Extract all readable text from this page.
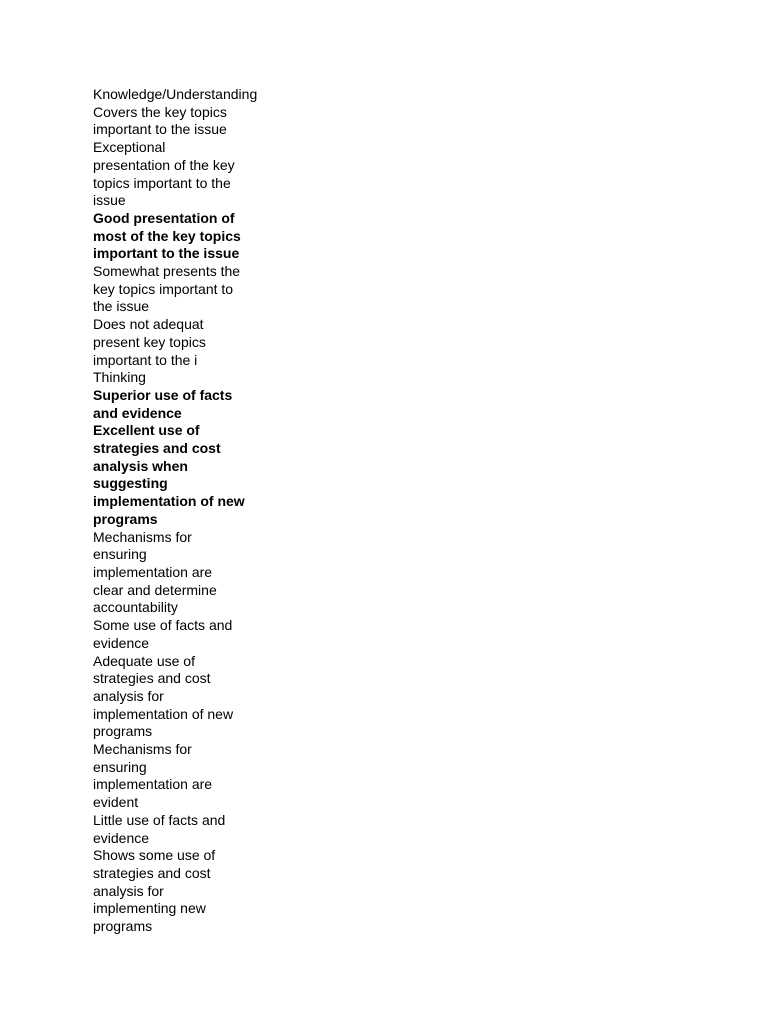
Knowledge/Understanding

Covers the key topics
important to the issue

Exceptional
presentation of the key
topics important to the
issue

Good presentation of
most of the key topics
important to the issue

Somewhat presents the
key topics important to
the issue

Does not adequat
present key topics
important to the i

Thinking

Superior use of facts
and evidence

Excellent use of
strategies and cost
analysis when
suggesting
implementation of new
programs

Mechanisms for
ensuring
implementation are
clear and determine
accountability

Some use of facts and
evidence

Adequate use of
strategies and cost
analysis for
implementation of new
programs

Mechanisms for
ensuring
implementation are
evident

Little use of facts and
evidence

Shows some use of
strategies and cost
analysis for
implementing new
programs
